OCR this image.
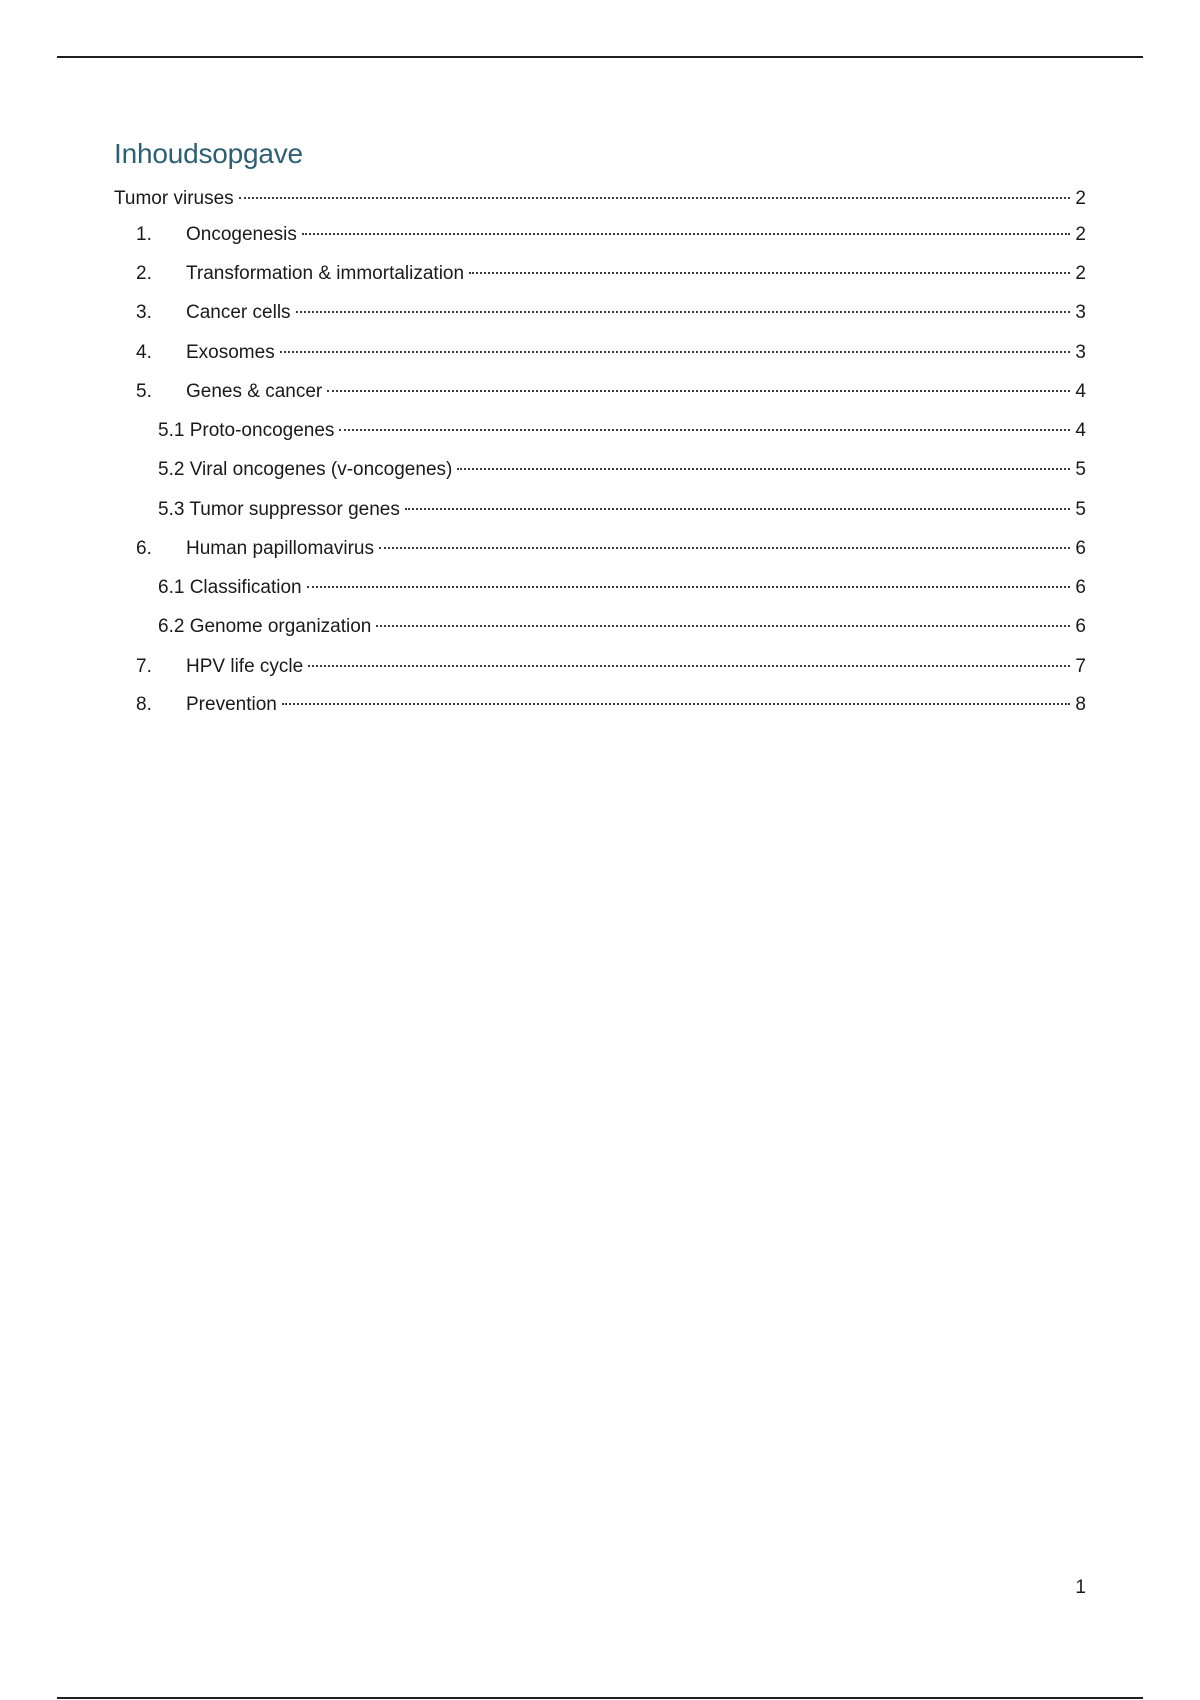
Inhoudsopgave
Tumor viruses	2
1.	Oncogenesis	2
2.	Transformation & immortalization	2
3.	Cancer cells	3
4.	Exosomes	3
5.	Genes & cancer	4
5.1 Proto-oncogenes	4
5.2 Viral oncogenes (v-oncogenes)	5
5.3 Tumor suppressor genes	5
6.	Human papillomavirus	6
6.1 Classification	6
6.2 Genome organization	6
7.	HPV life cycle	7
8.	Prevention	8
1
